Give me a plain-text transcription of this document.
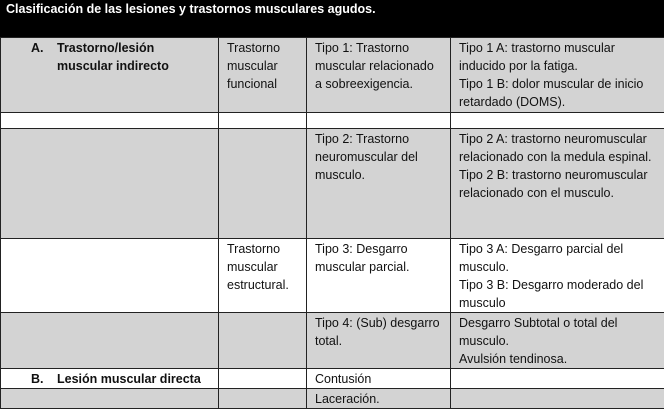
Clasificación de las lesiones y trastornos musculares agudos.
A. Trastorno/lesión muscular indirecto	Trastorno muscular funcional	Tipo 1: Trastorno muscular relacionado a sobreexigencia.	Tipo 1 A: trastorno muscular inducido por la fatiga.
Tipo 1 B: dolor muscular de inicio retardado (DOMS).

		Tipo 2: Trastorno neuromuscular del musculo.	Tipo 2 A: trastorno neuromuscular relacionado con la medula espinal.
Tipo 2 B: trastorno neuromuscular relacionado con el musculo.

	Trastorno muscular estructural.	Tipo 3: Desgarro muscular parcial.	Tipo 3 A: Desgarro parcial del musculo.
Tipo 3 B: Desgarro moderado del musculo

		Tipo 4: (Sub) desgarro total.	Desgarro Subtotal o total del musculo.
Avulsión tendinosa.

B. Lesión muscular directa		Contusión	
		Laceración.	
